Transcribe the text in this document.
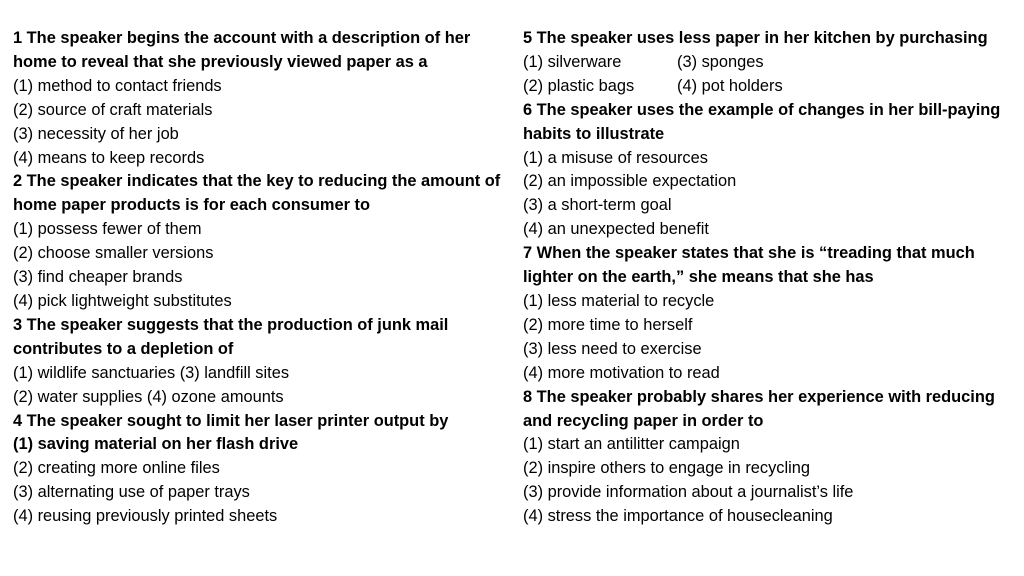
1 The speaker begins the account with a description of her home to reveal that she previously viewed paper as a
(1) method to contact friends
(2) source of craft materials
(3) necessity of her job
(4) means to keep records
2 The speaker indicates that the key to reducing the amount of home paper products is for each consumer to
(1) possess fewer of them
(2) choose smaller versions
(3) find cheaper brands
(4) pick lightweight substitutes
3 The speaker suggests that the production of junk mail contributes to a depletion of
(1) wildlife sanctuaries (3) landfill sites
(2) water supplies (4) ozone amounts
4 The speaker sought to limit her laser printer output by
(1) saving material on her flash drive
(2) creating more online files
(3) alternating use of paper trays
(4) reusing previously printed sheets
5 The speaker uses less paper in her kitchen by purchasing
(1) silverware	(3) sponges
(2) plastic bags	(4) pot holders
6 The speaker uses the example of changes in her bill-paying habits to illustrate
(1) a misuse of resources
(2) an impossible expectation
(3) a short-term goal
(4) an unexpected benefit
7 When the speaker states that she is “treading that much lighter on the earth,” she means that she has
(1) less material to recycle
(2) more time to herself
(3) less need to exercise
(4) more motivation to read
8 The speaker probably shares her experience with reducing and recycling paper in order to
(1) start an antilitter campaign
(2) inspire others to engage in recycling
(3) provide information about a journalist’s life
(4) stress the importance of housecleaning
